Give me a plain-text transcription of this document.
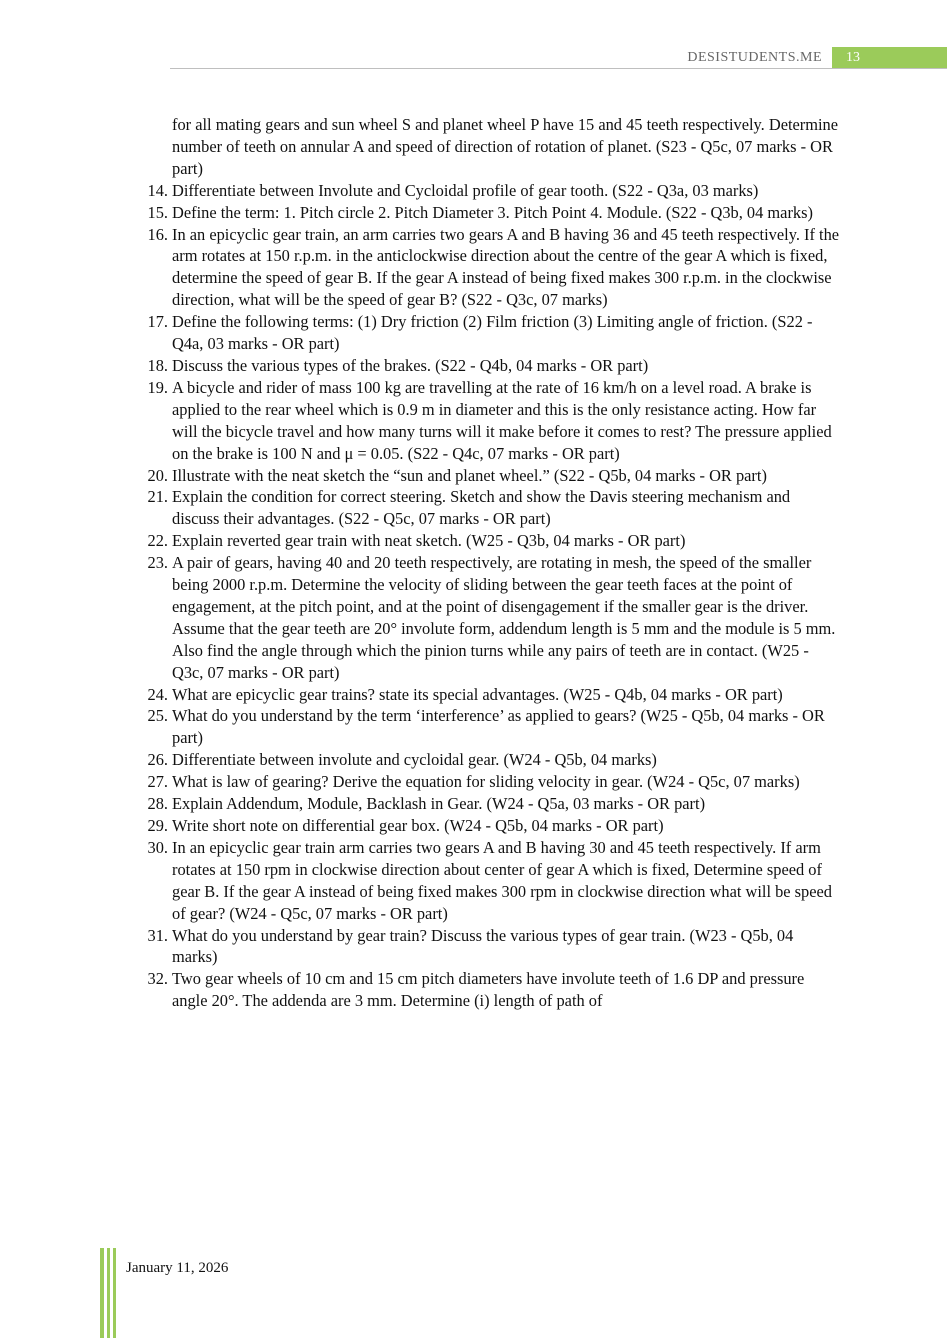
DESISTUDENTS.ME	13

for all mating gears and sun wheel S and planet wheel P have 15 and 45 teeth respectively. Determine number of teeth on annular A and speed of direction of rotation of planet. (S23 - Q5c, 07 marks - OR part)

14. Differentiate between Involute and Cycloidal profile of gear tooth. (S22 - Q3a, 03 marks)
15. Define the term: 1. Pitch circle 2. Pitch Diameter 3. Pitch Point 4. Module. (S22 - Q3b, 04 marks)
16. In an epicyclic gear train, an arm carries two gears A and B having 36 and 45 teeth respectively. If the arm rotates at 150 r.p.m. in the anticlockwise direction about the centre of the gear A which is fixed, determine the speed of gear B. If the gear A instead of being fixed makes 300 r.p.m. in the clockwise direction, what will be the speed of gear B? (S22 - Q3c, 07 marks)
17. Define the following terms: (1) Dry friction (2) Film friction (3) Limiting angle of friction. (S22 - Q4a, 03 marks - OR part)
18. Discuss the various types of the brakes. (S22 - Q4b, 04 marks - OR part)
19. A bicycle and rider of mass 100 kg are travelling at the rate of 16 km/h on a level road. A brake is applied to the rear wheel which is 0.9 m in diameter and this is the only resistance acting. How far will the bicycle travel and how many turns will it make before it comes to rest? The pressure applied on the brake is 100 N and μ = 0.05. (S22 - Q4c, 07 marks - OR part)
20. Illustrate with the neat sketch the “sun and planet wheel.” (S22 - Q5b, 04 marks - OR part)
21. Explain the condition for correct steering. Sketch and show the Davis steering mechanism and discuss their advantages. (S22 - Q5c, 07 marks - OR part)
22. Explain reverted gear train with neat sketch. (W25 - Q3b, 04 marks - OR part)
23. A pair of gears, having 40 and 20 teeth respectively, are rotating in mesh, the speed of the smaller being 2000 r.p.m. Determine the velocity of sliding between the gear teeth faces at the point of engagement, at the pitch point, and at the point of disengagement if the smaller gear is the driver. Assume that the gear teeth are 20° involute form, addendum length is 5 mm and the module is 5 mm. Also find the angle through which the pinion turns while any pairs of teeth are in contact. (W25 - Q3c, 07 marks - OR part)
24. What are epicyclic gear trains? state its special advantages. (W25 - Q4b, 04 marks - OR part)
25. What do you understand by the term ‘interference’ as applied to gears? (W25 - Q5b, 04 marks - OR part)
26. Differentiate between involute and cycloidal gear. (W24 - Q5b, 04 marks)
27. What is law of gearing? Derive the equation for sliding velocity in gear. (W24 - Q5c, 07 marks)
28. Explain Addendum, Module, Backlash in Gear. (W24 - Q5a, 03 marks - OR part)
29. Write short note on differential gear box. (W24 - Q5b, 04 marks - OR part)
30. In an epicyclic gear train arm carries two gears A and B having 30 and 45 teeth respectively. If arm rotates at 150 rpm in clockwise direction about center of gear A which is fixed, Determine speed of gear B. If the gear A instead of being fixed makes 300 rpm in clockwise direction what will be speed of gear? (W24 - Q5c, 07 marks - OR part)
31. What do you understand by gear train? Discuss the various types of gear train. (W23 - Q5b, 04 marks)
32. Two gear wheels of 10 cm and 15 cm pitch diameters have involute teeth of 1.6 DP and pressure angle 20°. The addenda are 3 mm. Determine (i) length of path of
January 11, 2026
